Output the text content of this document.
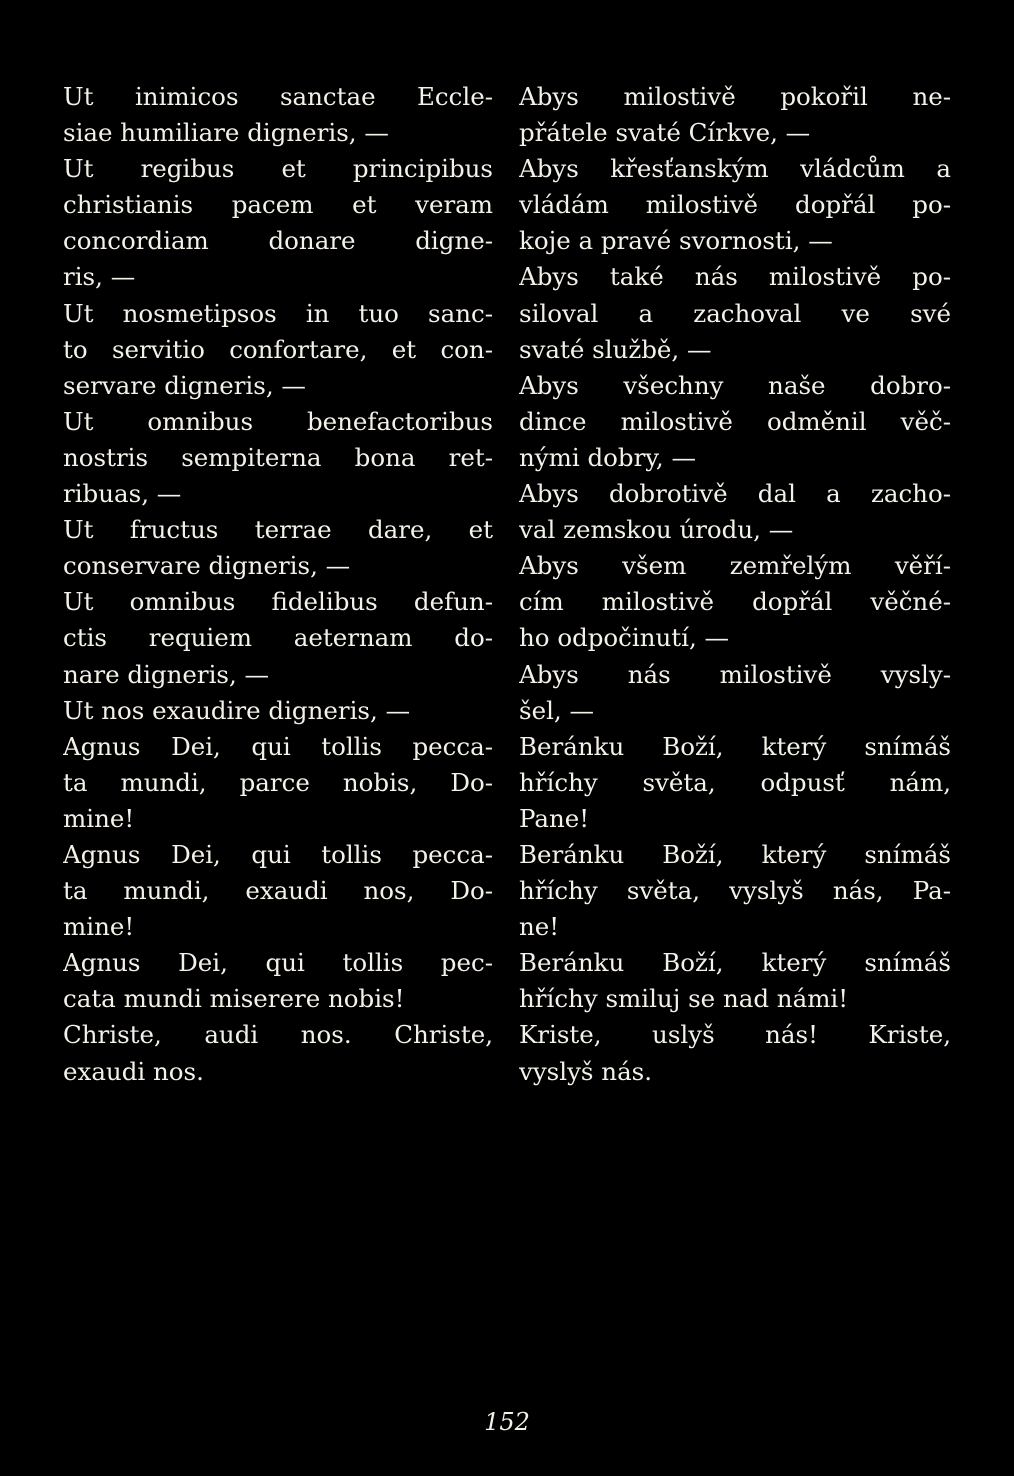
Ut inimicos sanctae Eccle-
siae humiliare digneris, —
Ut regibus et principibus
christianis pacem et veram
concordiam donare digne-
ris, —
Ut nosmetipsos in tuo sanc-
to servitio confortare, et con-
servare digneris, —
Ut omnibus benefactoribus
nostris sempiterna bona ret-
ribuas, —
Ut fructus terrae dare, et
conservare digneris, —
Ut omnibus fidelibus defun-
ctis requiem aeternam do-
nare digneris, —
Ut nos exaudire digneris, —
Agnus Dei, qui tollis pecca-
ta mundi, parce nobis, Do-
mine!
Agnus Dei, qui tollis pecca-
ta mundi, exaudi nos, Do-
mine!
Agnus Dei, qui tollis pec-
cata mundi miserere nobis!
Christe, audi nos. Christe,
exaudi nos.
Abys milostivě pokořil ne-
přátele svaté Církve, —
Abys křesťanským vládcům a
vládám milostivě dopřál po-
koje a pravé svornosti, —
Abys také nás milostivě po-
siloval a zachoval ve své
svaté službě, —
Abys všechny naše dobro-
dince milostivě odměnil věč-
nými dobry, —
Abys dobrotivě dal a zacho-
val zemskou úrodu, —
Abys všem zemřelým věří-
cím milostivě dopřál věčné-
ho odpočinutí, —
Abys nás milostivě vysly-
šel, —
Beránku Boží, který snímáš
hříchy světa, odpusť nám,
Pane!
Beránku Boží, který snímáš
hříchy světa, vyslyš nás, Pa-
ne!
Beránku Boží, který snímáš
hříchy smiluj se nad námi!
Kriste, uslyš nás! Kriste,
vyslyš nás.
152
